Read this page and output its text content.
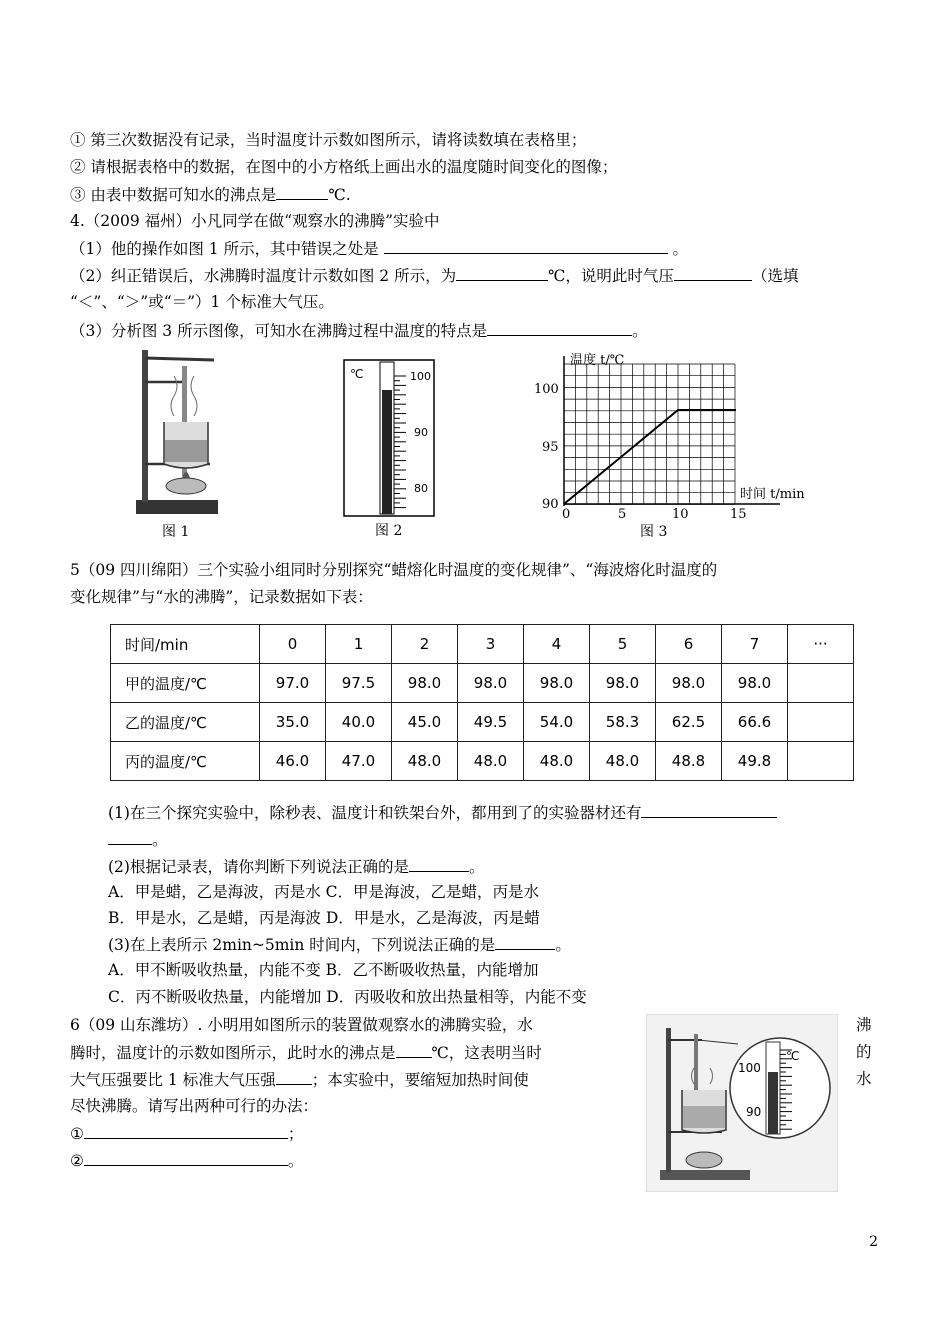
① 第三次数据没有记录，当时温度计示数如图所示，请将读数填在表格里；
② 请根据表格中的数据，在图中的小方格纸上画出水的温度随时间变化的图像；
③ 由表中数据可知水的沸点是	℃.
4.（2009 福州）小凡同学在做“观察水的沸腾”实验中
（1）他的操作如图 1 所示，其中错误之处是	。
（2）纠正错误后，水沸腾时温度计示数如图 2 所示，为	℃，说明此时气压	（选填
“＜”、“＞”或“＝”）1 个标准大气压。
（3）分析图 3 所示图像，可知水在沸腾过程中温度的特点是	。
图 1
℃	100
90
80
图 2
温度 t/℃
时间 t/min
100
95
90
0	5	10	15
图 3
5（09 四川绵阳）三个实验小组同时分别探究“蜡熔化时温度的变化规律”、“海波熔化时温度的
变化规律”与“水的沸腾”，记录数据如下表：
时间/min	0	1	2	3	4	5	6	7	···
甲的温度/℃	97.0	97.5	98.0	98.0	98.0	98.0	98.0	98.0	
乙的温度/℃	35.0	40.0	45.0	49.5	54.0	58.3	62.5	66.6	
丙的温度/℃	46.0	47.0	48.0	48.0	48.0	48.0	48.8	49.8	
(1)在三个探究实验中，除秒表、温度计和铁架台外，都用到了的实验器材还有
。
(2)根据记录表，请你判断下列说法正确的是	。
A．甲是蜡，乙是海波，丙是水 C．甲是海波，乙是蜡，丙是水
B．甲是水，乙是蜡，丙是海波 D．甲是水，乙是海波，丙是蜡
(3)在上表所示 2min~5min 时间内，下列说法正确的是	。
A．甲不断吸收热量，内能不变 B．乙不断吸收热量，内能增加
C．丙不断吸收热量，内能增加 D．丙吸收和放出热量相等，内能不变
6（09 山东潍坊）. 小明用如图所示的装置做观察水的沸腾实验，水	沸
腾时，温度计的示数如图所示，此时水的沸点是 ℃，这表明当时	的
大气压强要比 1 标准大气压强 ；本实验中，要缩短加热时间使	水
尽快沸腾。请写出两种可行的办法：
①	；
②	。
℃
100
90
2
